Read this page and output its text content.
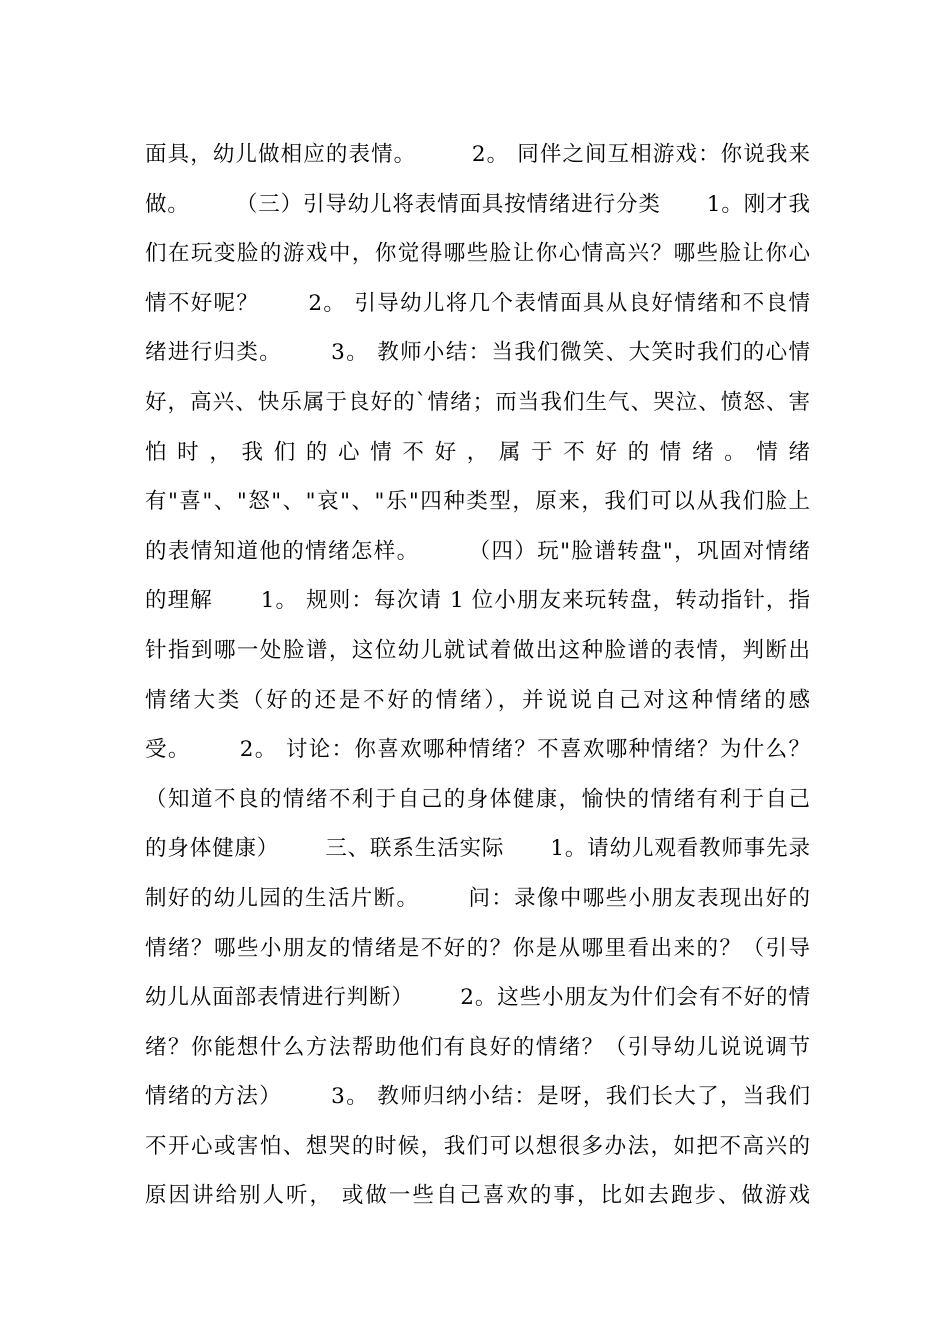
面具，幼儿做相应的表情。       2。 同伴之间互相游戏：你说我来
做。      （三）引导幼儿将表情面具按情绪进行分类      1。刚才我
们在玩变脸的游戏中，你觉得哪些脸让你心情高兴？哪些脸让你心
情不好呢？      2。 引导幼儿将几个表情面具从良好情绪和不良情
绪进行归类。      3。 教师小结：当我们微笑、大笑时我们的心情
好，高兴、快乐属于良好的`情绪；而当我们生气、哭泣、愤怒、害
怕时，我们的心情不好，属于不好的情绪。情绪
有"喜"、"怒"、"哀"、"乐"四种类型，原来，我们可以从我们脸上
的表情知道他的情绪怎样。      （四）玩"脸谱转盘"，巩固对情绪
的理解      1。 规则：每次请 1 位小朋友来玩转盘，转动指针，指
针指到哪一处脸谱，这位幼儿就试着做出这种脸谱的表情，判断出
情绪大类（好的还是不好的情绪），并说说自己对这种情绪的感
受。      2。 讨论：你喜欢哪种情绪？不喜欢哪种情绪？为什么？
（知道不良的情绪不利于自己的身体健康，愉快的情绪有利于自己
的身体健康）      三、联系生活实际      1。请幼儿观看教师事先录
制好的幼儿园的生活片断。      问：录像中哪些小朋友表现出好的
情绪？哪些小朋友的情绪是不好的？你是从哪里看出来的？（引导
幼儿从面部表情进行判断）      2。这些小朋友为什们会有不好的情
绪？你能想什么方法帮助他们有良好的情绪？（引导幼儿说说调节
情绪的方法）      3。 教师归纳小结：是呀，我们长大了，当我们
不开心或害怕、想哭的时候，我们可以想很多办法，如把不高兴的
原因讲给别人听， 或做一些自己喜欢的事，比如去跑步、做游戏
